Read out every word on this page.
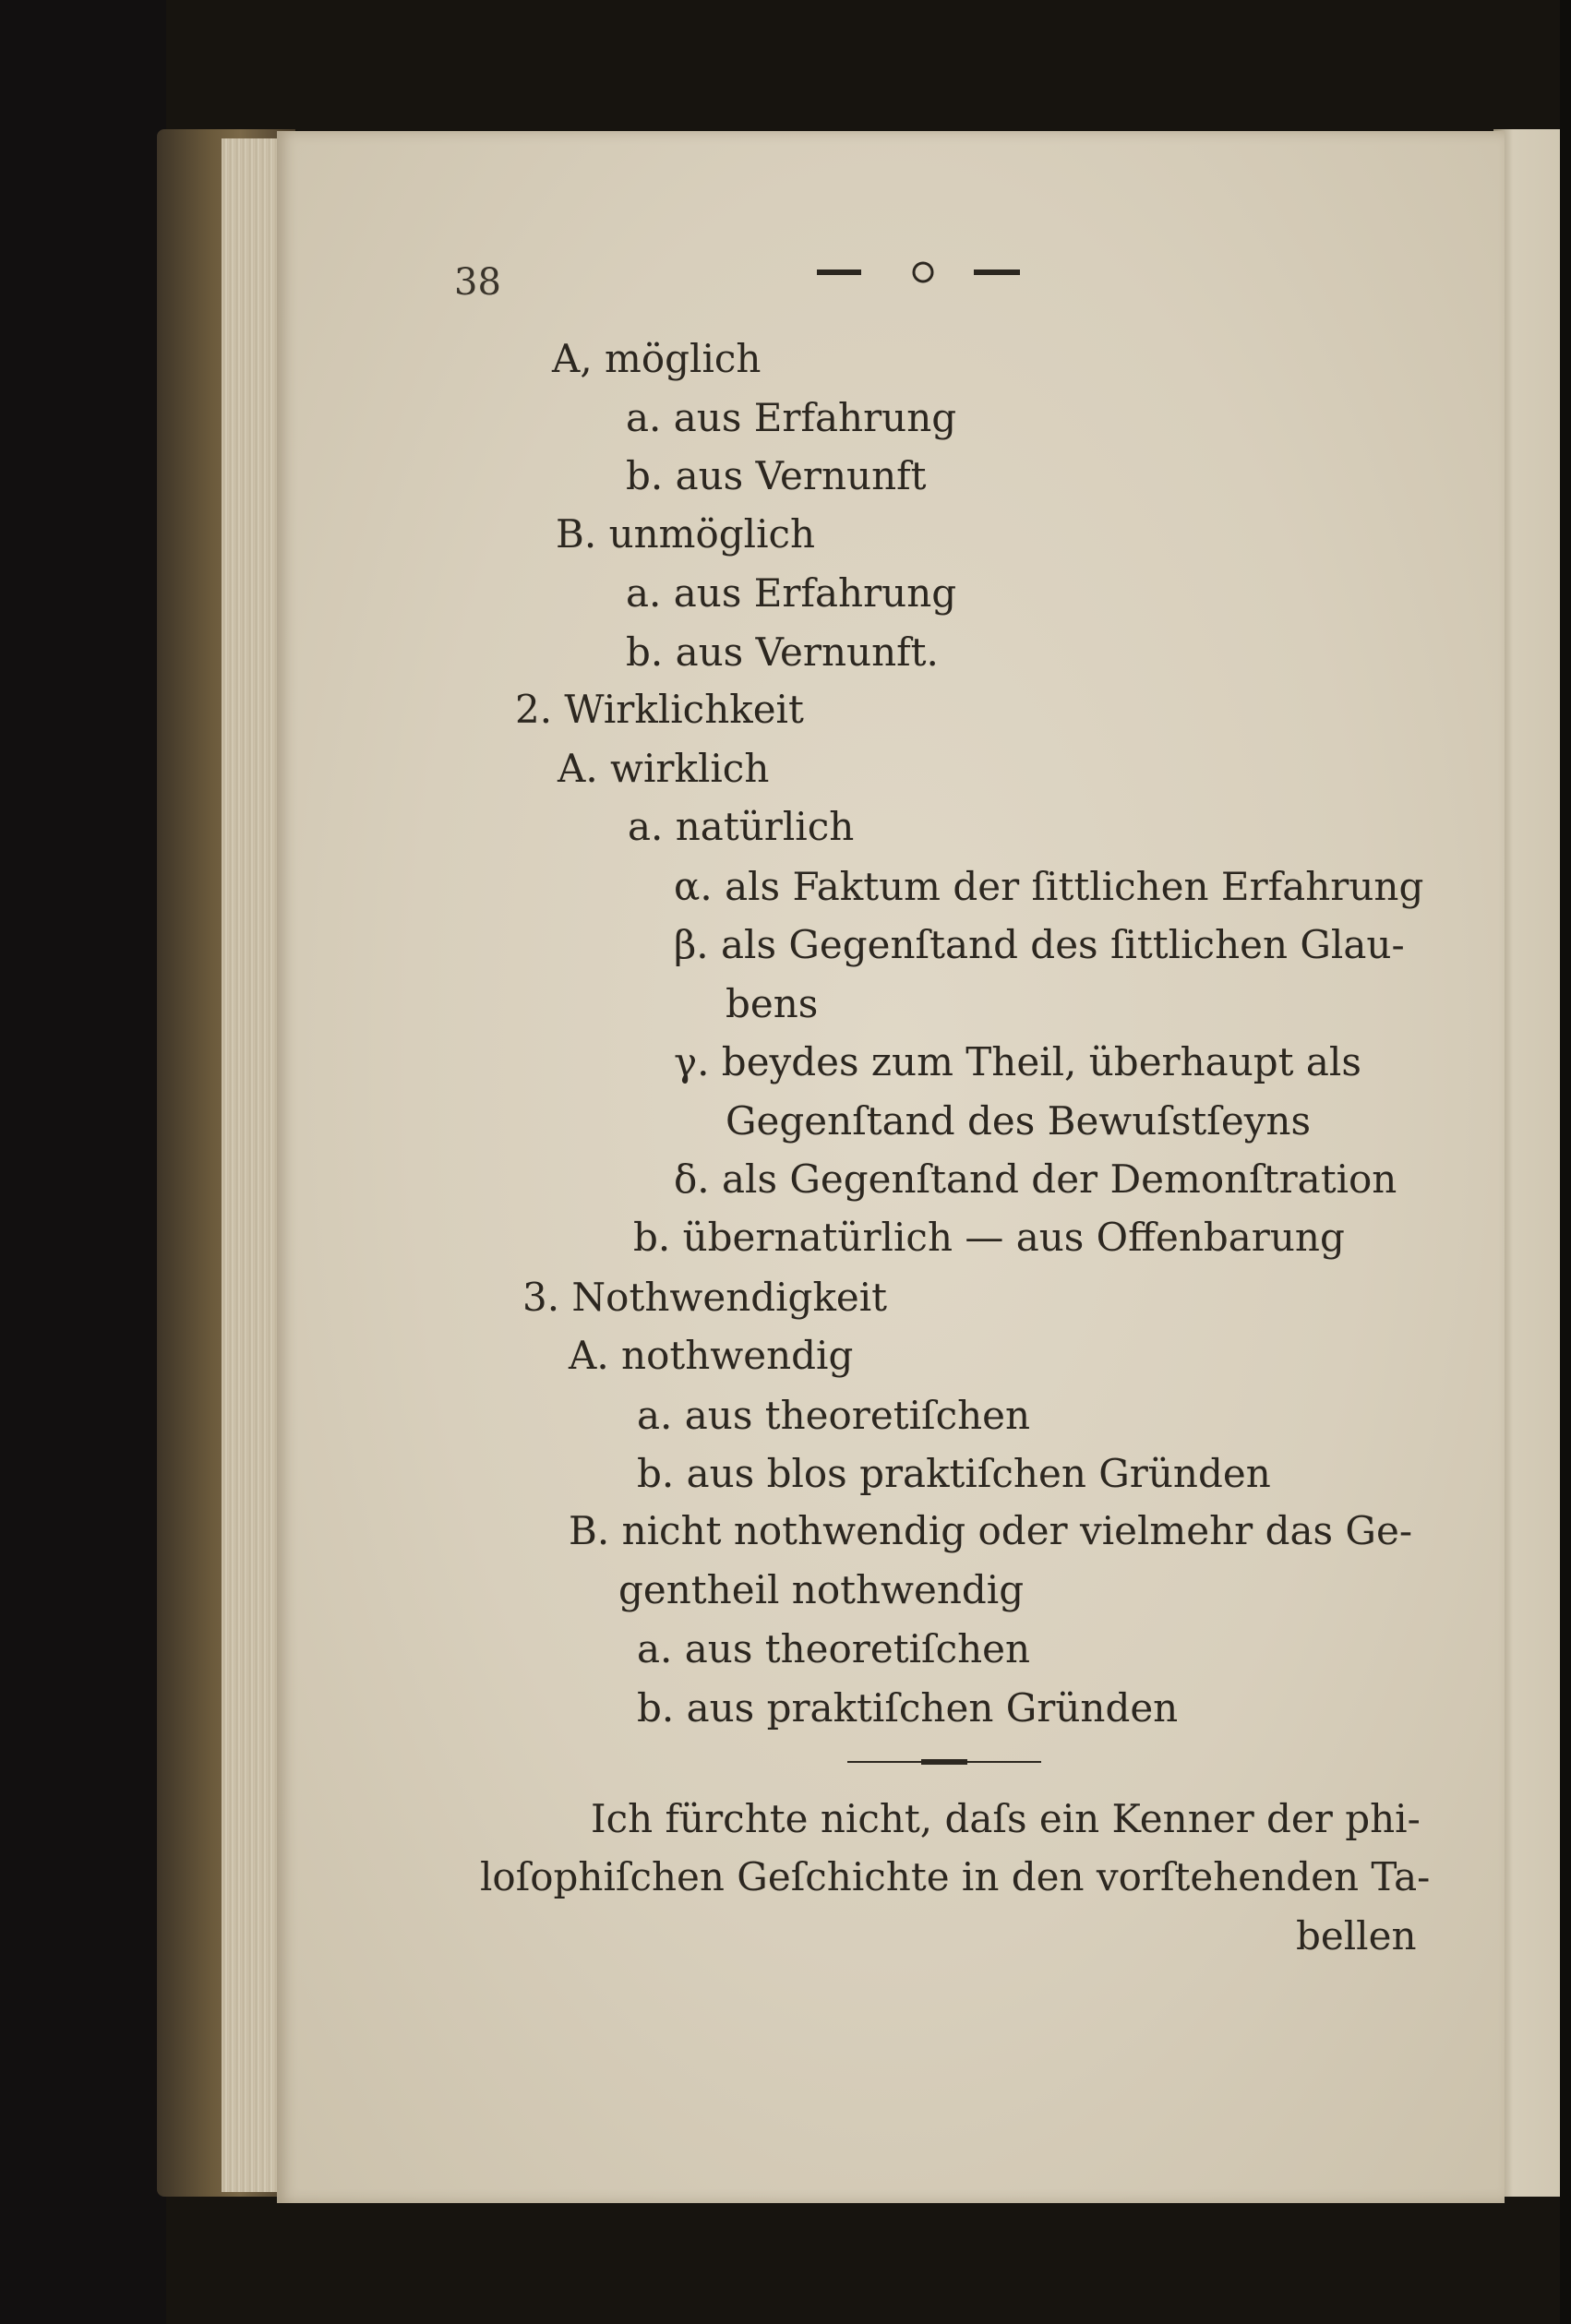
38
A, möglich
a. aus Erfahrung
b. aus Vernunft
B. unmöglich
a. aus Erfahrung
b. aus Vernunft.
2. Wirklichkeit
A. wirklich
a. natürlich
α. als Faktum der ſittlichen Erfahrung
β. als Gegenſtand des ſittlichen Glau-
bens
γ. beydes zum Theil, überhaupt als
Gegenſtand des Bewuſstſeyns
δ. als Gegenſtand der Demonſtration
b. übernatürlich — aus Offenbarung
3. Nothwendigkeit
A. nothwendig
a. aus theoretiſchen
b. aus blos praktiſchen Gründen
B. nicht nothwendig oder vielmehr das Ge-
gentheil nothwendig
a. aus theoretiſchen
b. aus praktiſchen Gründen
Ich fürchte nicht, daſs ein Kenner der phi-
loſophiſchen Geſchichte in den vorſtehenden Ta-
bellen
